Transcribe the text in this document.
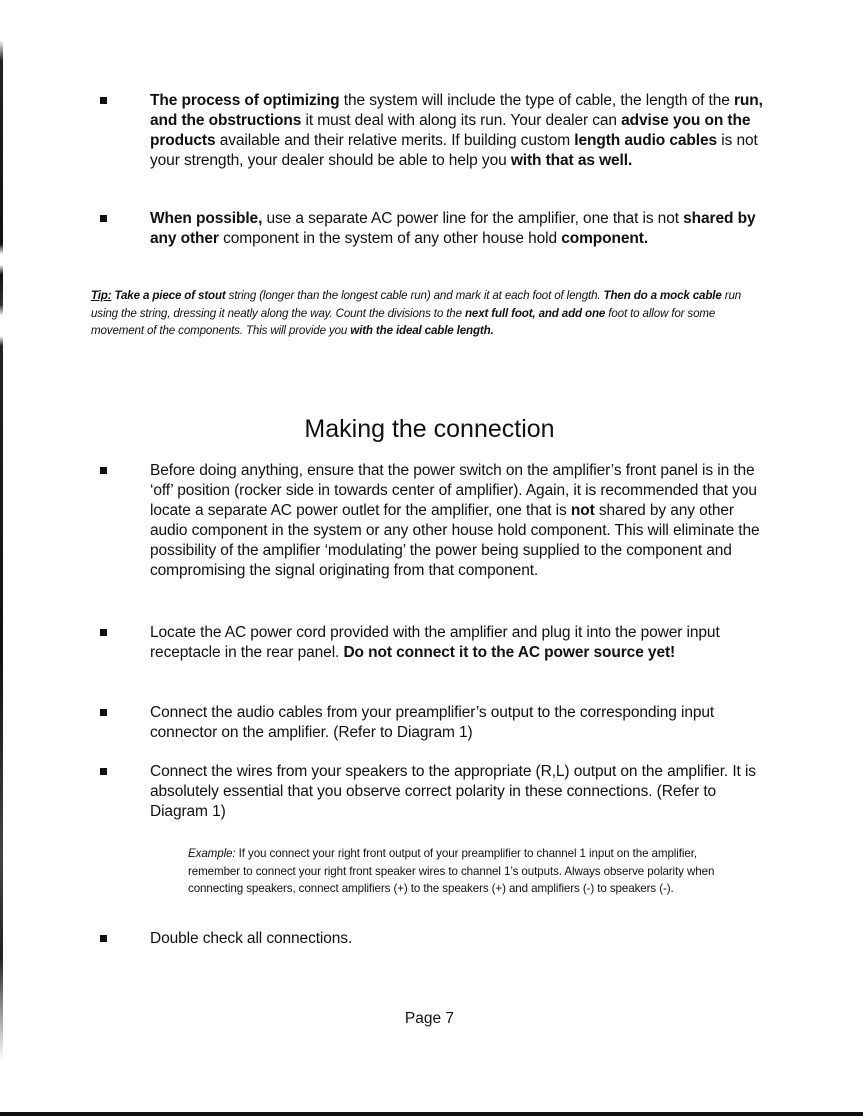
The process of optimizing the system will include the type of cable, the length of the run, and the obstructions it must deal with along its run. Your dealer can advise you on the products available and their relative merits. If building custom length audio cables is not your strength, your dealer should be able to help you with that as well.
When possible, use a separate AC power line for the amplifier, one that is not shared by any other component in the system of any other house hold component.
Tip: Take a piece of stout string (longer than the longest cable run) and mark it at each foot of length. Then do a mock cable run using the string, dressing it neatly along the way. Count the divisions to the next full foot, and add one foot to allow for some movement of the components. This will provide you with the ideal cable length.
Making the connection
Before doing anything, ensure that the power switch on the amplifier’s front panel is in the ‘off’ position (rocker side in towards center of amplifier). Again, it is recommended that you locate a separate AC power outlet for the amplifier, one that is not shared by any other audio component in the system or any other house hold component. This will eliminate the possibility of the amplifier ‘modulating’ the power being supplied to the component and compromising the signal originating from that component.
Locate the AC power cord provided with the amplifier and plug it into the power input receptacle in the rear panel. Do not connect it to the AC power source yet!
Connect the audio cables from your preamplifier’s output to the corresponding input connector on the amplifier. (Refer to Diagram 1)
Connect the wires from your speakers to the appropriate (R,L) output on the amplifier. It is absolutely essential that you observe correct polarity in these connections. (Refer to Diagram 1)
Example: If you connect your right front output of your preamplifier to channel 1 input on the amplifier, remember to connect your right front speaker wires to channel 1’s outputs. Always observe polarity when connecting speakers, connect amplifiers (+) to the speakers (+) and amplifiers (-) to speakers (-).
Double check all connections.
Page 7
